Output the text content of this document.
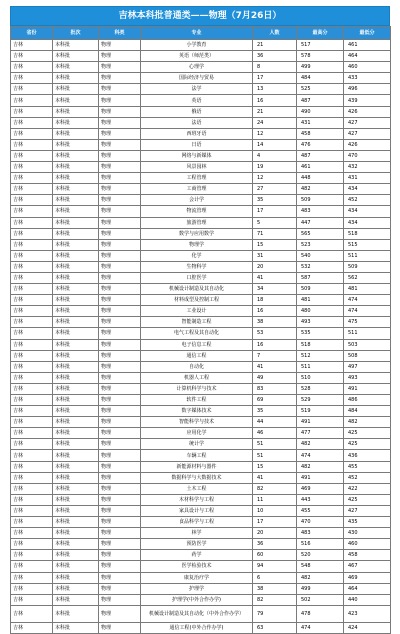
吉林本科批普通类——物理（7月26日）
省份	批次	科类	专业	人数	最高分	最低分
吉林	本科批	物理	小学教育	21	517	461
吉林	本科批	物理	英语（师范类）	36	578	464
吉林	本科批	物理	心理学	8	499	460
吉林	本科批	物理	国际经济与贸易	17	484	433
吉林	本科批	物理	法学	13	525	496
吉林	本科批	物理	英语	16	487	439
吉林	本科批	物理	俄语	21	490	426
吉林	本科批	物理	法语	24	431	427
吉林	本科批	物理	西班牙语	12	458	427
吉林	本科批	物理	日语	14	476	426
吉林	本科批	物理	网络与新媒体	4	487	470
吉林	本科批	物理	风景园林	19	461	432
吉林	本科批	物理	工程管理	12	448	431
吉林	本科批	物理	工商管理	27	482	434
吉林	本科批	物理	会计学	35	509	452
吉林	本科批	物理	物流管理	17	483	434
吉林	本科批	物理	旅游管理	5	447	434
吉林	本科批	物理	数学与应用数学	71	565	518
吉林	本科批	物理	物理学	15	523	515
吉林	本科批	物理	化学	31	540	511
吉林	本科批	物理	生物科学	20	532	509
吉林	本科批	物理	口腔医学	41	587	562
吉林	本科批	物理	机械设计制造及其自动化	34	509	481
吉林	本科批	物理	材料成型及控制工程	18	481	474
吉林	本科批	物理	工业设计	16	480	474
吉林	本科批	物理	智能制造工程	38	493	475
吉林	本科批	物理	电气工程及其自动化	53	535	511
吉林	本科批	物理	电子信息工程	16	518	503
吉林	本科批	物理	通信工程	7	512	508
吉林	本科批	物理	自动化	41	511	497
吉林	本科批	物理	机器人工程	49	510	493
吉林	本科批	物理	计算机科学与技术	83	528	491
吉林	本科批	物理	软件工程	69	529	486
吉林	本科批	物理	数字媒体技术	35	519	484
吉林	本科批	物理	智能科学与技术	44	491	482
吉林	本科批	物理	应用化学	46	477	425
吉林	本科批	物理	统计学	51	482	425
吉林	本科批	物理	车辆工程	51	474	436
吉林	本科批	物理	新能源材料与器件	15	482	455
吉林	本科批	物理	数据科学与大数据技术	41	491	452
吉林	本科批	物理	土木工程	82	469	422
吉林	本科批	物理	木材科学与工程	11	443	425
吉林	本科批	物理	家具设计与工程	10	455	427
吉林	本科批	物理	食品科学与工程	17	470	435
吉林	本科批	物理	林学	20	483	430
吉林	本科批	物理	预防医学	36	516	460
吉林	本科批	物理	药学	60	520	458
吉林	本科批	物理	医学检验技术	94	548	467
吉林	本科批	物理	康复治疗学	6	482	469
吉林	本科批	物理	护理学	38	499	464
吉林	本科批	物理	护理学(中外合作办学)	82	502	440
吉林	本科批	物理	机械设计制造及其自动化（中外合作办学）	79	478	423
吉林	本科批	物理	通信工程(中外合作办学)	63	474	424
